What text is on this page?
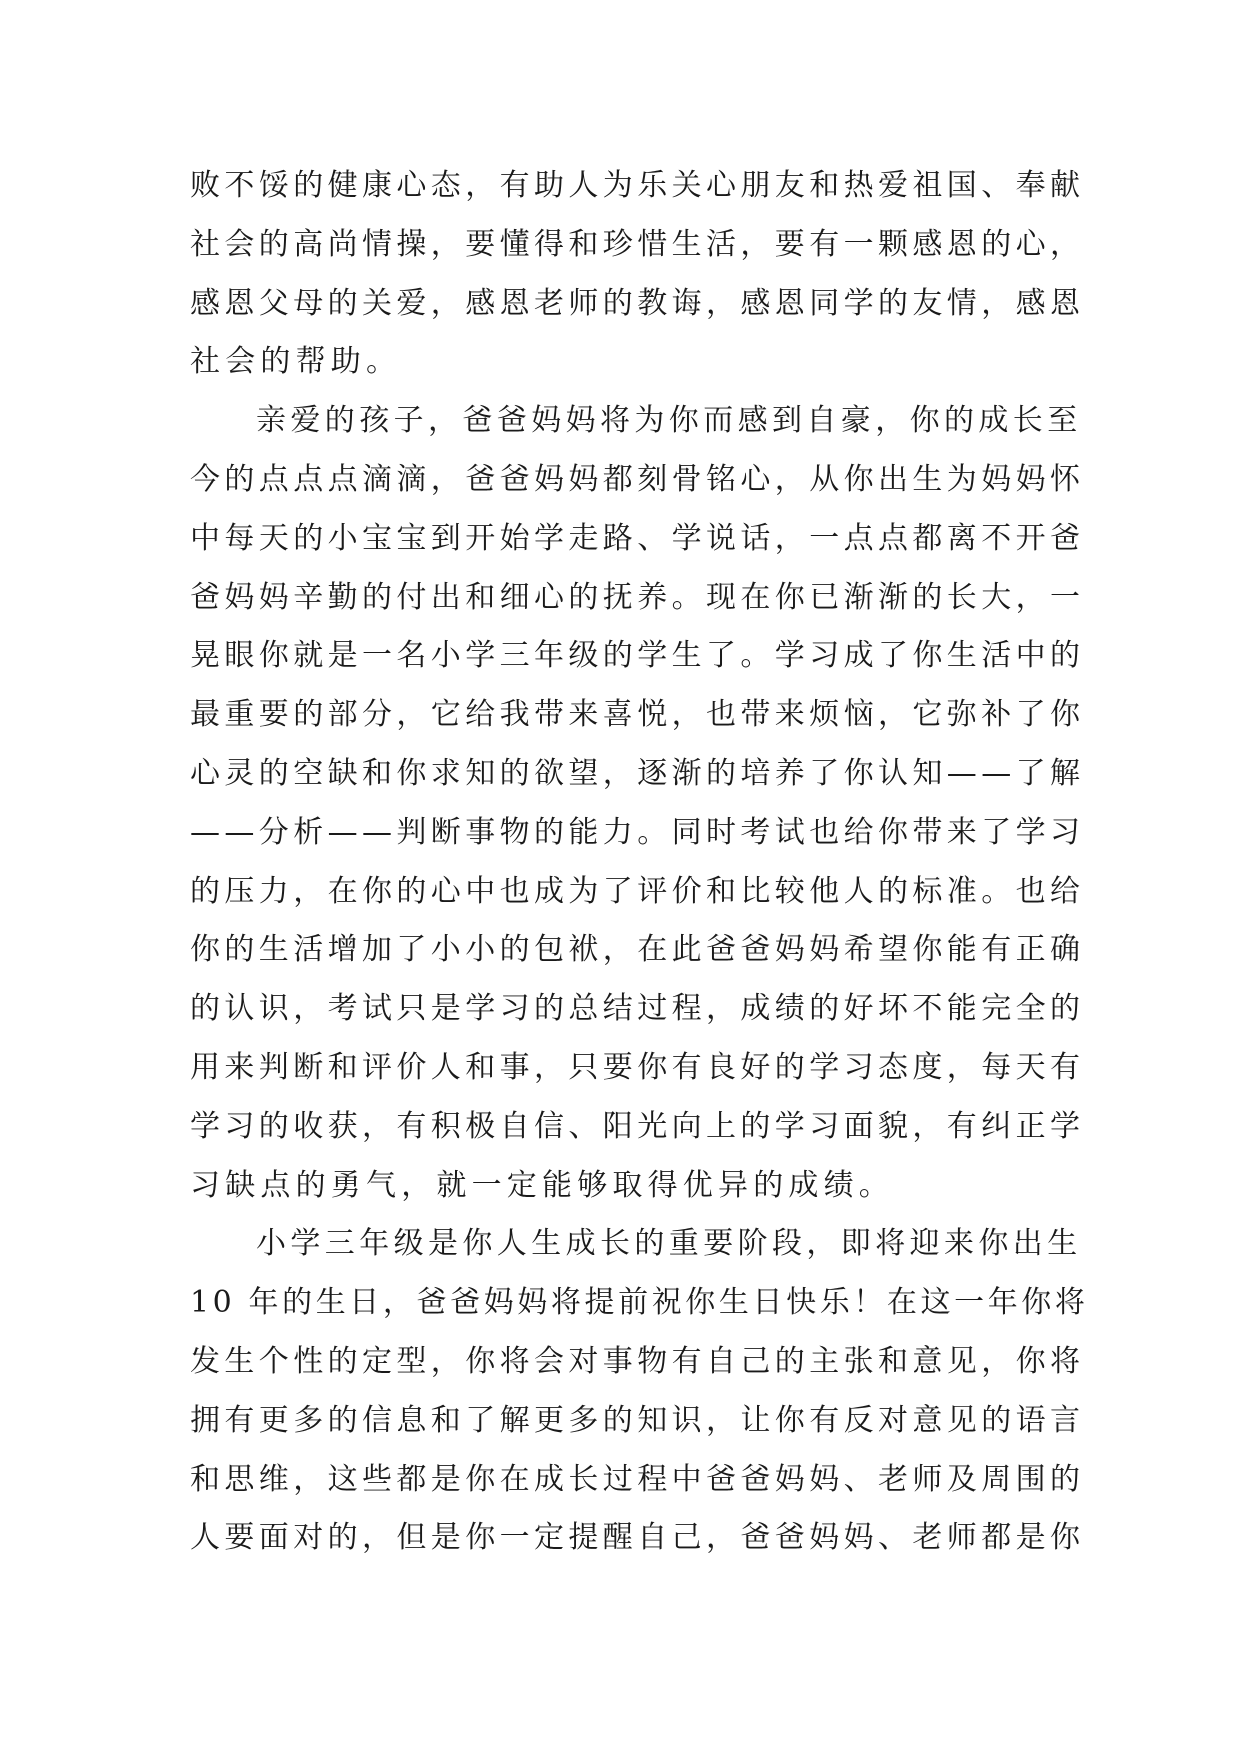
败不馁的健康心态，有助人为乐关心朋友和热爱祖国、奉献
社会的高尚情操，要懂得和珍惜生活，要有一颗感恩的心，
感恩父母的关爱，感恩老师的教诲，感恩同学的友情，感恩
社会的帮助。
亲爱的孩子，爸爸妈妈将为你而感到自豪，你的成长至
今的点点点滴滴，爸爸妈妈都刻骨铭心，从你出生为妈妈怀
中每天的小宝宝到开始学走路、学说话，一点点都离不开爸
爸妈妈辛勤的付出和细心的抚养。现在你已渐渐的长大，一
晃眼你就是一名小学三年级的学生了。学习成了你生活中的
最重要的部分，它给我带来喜悦，也带来烦恼，它弥补了你
心灵的空缺和你求知的欲望，逐渐的培养了你认知——了解
——分析——判断事物的能力。同时考试也给你带来了学习
的压力，在你的心中也成为了评价和比较他人的标准。也给
你的生活增加了小小的包袱，在此爸爸妈妈希望你能有正确
的认识，考试只是学习的总结过程，成绩的好坏不能完全的
用来判断和评价人和事，只要你有良好的学习态度，每天有
学习的收获，有积极自信、阳光向上的学习面貌，有纠正学
习缺点的勇气，就一定能够取得优异的成绩。
小学三年级是你人生成长的重要阶段，即将迎来你出生
10 年的生日，爸爸妈妈将提前祝你生日快乐！在这一年你将
发生个性的定型，你将会对事物有自己的主张和意见，你将
拥有更多的信息和了解更多的知识，让你有反对意见的语言
和思维，这些都是你在成长过程中爸爸妈妈、老师及周围的
人要面对的，但是你一定提醒自己，爸爸妈妈、老师都是你
